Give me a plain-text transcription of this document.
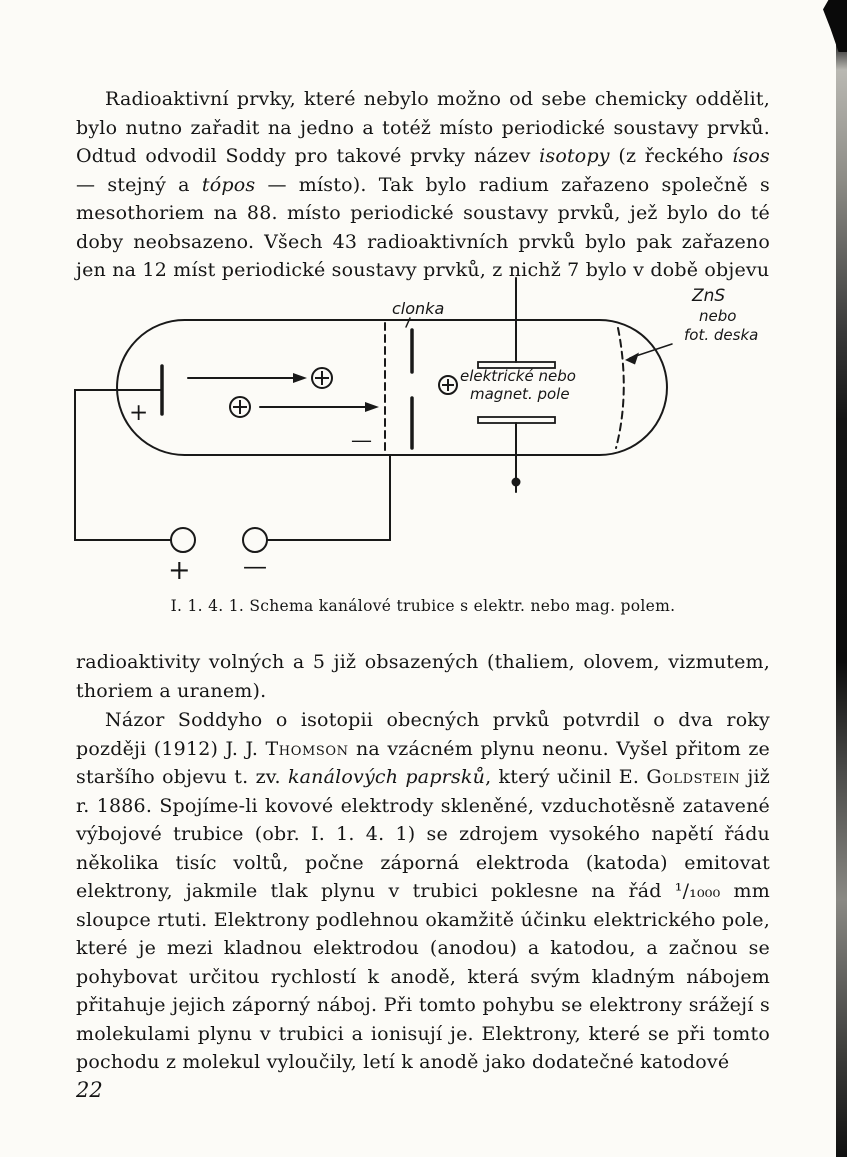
Radioaktivní prvky, které nebylo možno od sebe chemicky oddělit, bylo nutno zařadit na jedno a totéž místo periodické soustavy prvků. Odtud odvodil Soddy pro takové prvky název isotopy (z řeckého ísos — stejný a tópos — místo). Tak bylo radium zařazeno společně s mesothoriem na 88. místo periodické soustavy prvků, jež bylo do té doby neobsazeno. Všech 43 radioaktivních prvků bylo pak zařazeno jen na 12 míst periodické soustavy prvků, z nichž 7 bylo v době objevu

clonka
elektrické nebo
magnet. pole
ZnS
nebo
fot. deska
+
—
+ —
I. 1. 4. 1. Schema kanálové trubice s elektr. nebo mag. polem.

radioaktivity volných a 5 již obsazených (thaliem, olovem, vizmutem, thoriem a uranem).

Názor Soddyho o isotopii obecných prvků potvrdil o dva roky později (1912) J. J. Thomson na vzácném plynu neonu. Vyšel přitom ze staršího objevu t. zv. kanálových paprsků, který učinil E. Goldstein již r. 1886. Spojíme-li kovové elektrody skleněné, vzduchotěsně zatavené výbojové trubice (obr. I. 1. 4. 1) se zdrojem vysokého napětí řádu několika tisíc voltů, počne záporná elektroda (katoda) emitovat elektrony, jakmile tlak plynu v trubici poklesne na řád ¹/₁₀₀₀ mm sloupce rtuti. Elektrony podlehnou okamžitě účinku elektrického pole, které je mezi kladnou elektrodou (anodou) a katodou, a začnou se pohybovat určitou rychlostí k anodě, která svým kladným nábojem přitahuje jejich záporný náboj. Při tomto pohybu se elektrony srážejí s molekulami plynu v trubici a ionisují je. Elektrony, které se při tomto pochodu z molekul vyloučily, letí k anodě jako dodatečné katodové

22
